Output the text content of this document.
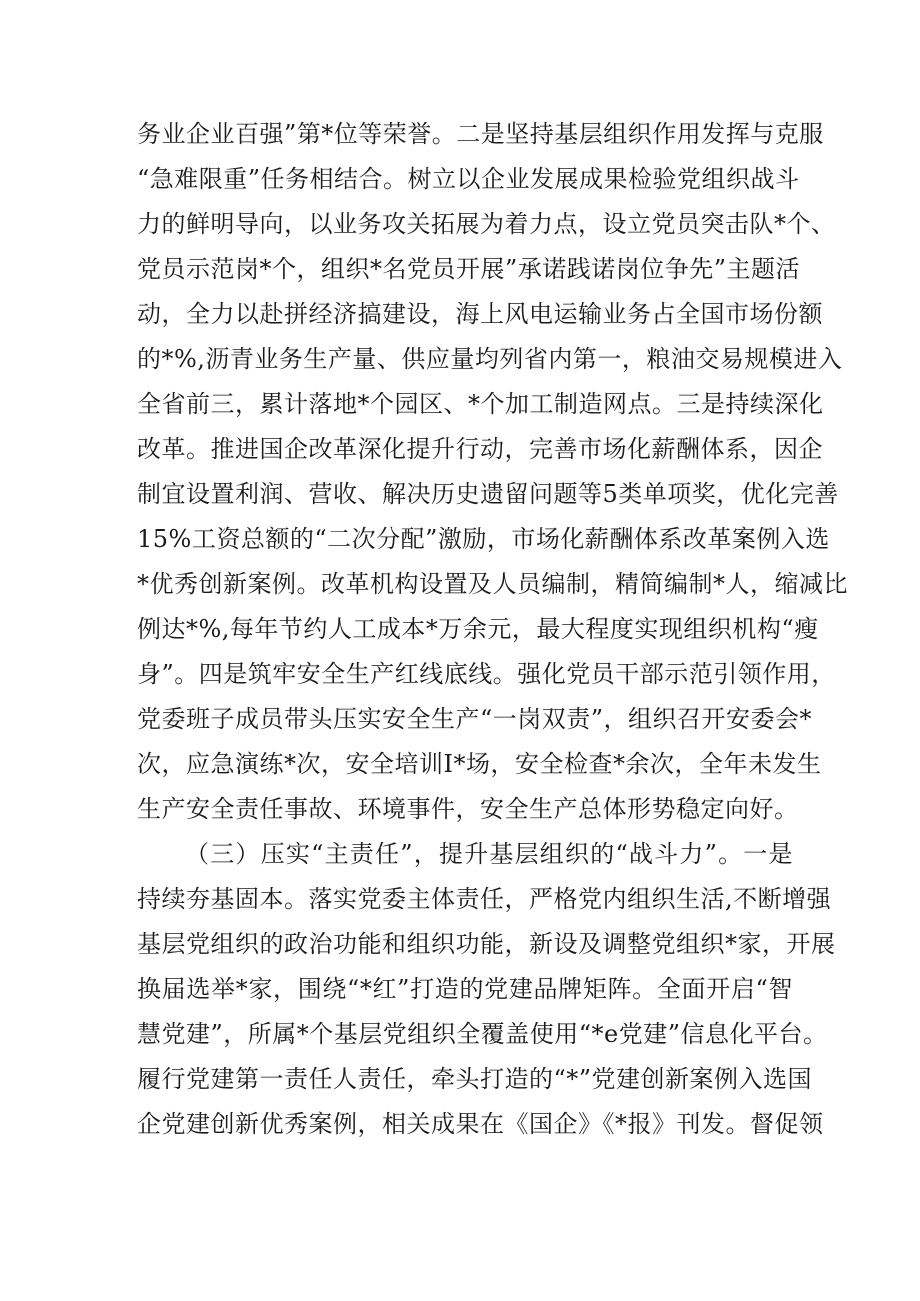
务业企业百强”第*位等荣誉。二是坚持基层组织作用发挥与克服
“急难限重”任务相结合。树立以企业发展成果检验党组织战斗
力的鲜明导向，以业务攻关拓展为着力点，设立党员突击队*个、
党员示范岗*个，组织*名党员开展”承诺践诺岗位争先”主题活
动，全力以赴拼经济搞建设，海上风电运输业务占全国市场份额
的*%,沥青业务生产量、供应量均列省内第一，粮油交易规模进入
全省前三，累计落地*个园区、*个加工制造网点。三是持续深化
改革。推进国企改革深化提升行动，完善市场化薪酬体系，因企
制宜设置利润、营收、解决历史遗留问题等5类单项奖，优化完善
15%工资总额的“二次分配”激励，市场化薪酬体系改革案例入选
*优秀创新案例。改革机构设置及人员编制，精简编制*人，缩减比
例达*%,每年节约人工成本*万余元，最大程度实现组织机构“瘦
身”。四是筑牢安全生产红线底线。强化党员干部示范引领作用，
党委班子成员带头压实安全生产“一岗双责”，组织召开安委会*
次，应急演练*次，安全培训I*场，安全检查*余次，全年未发生
生产安全责任事故、环境事件，安全生产总体形势稳定向好。
（三）压实“主责任”，提升基层组织的“战斗力”。一是
持续夯基固本。落实党委主体责任，严格党内组织生活,不断增强
基层党组织的政治功能和组织功能，新设及调整党组织*家，开展
换届选举*家，围绕“*红”打造的党建品牌矩阵。全面开启“智
慧党建”，所属*个基层党组织全覆盖使用“*e党建”信息化平台。
履行党建第一责任人责任，牵头打造的“*”党建创新案例入选国
企党建创新优秀案例，相关成果在《国企》《*报》刊发。督促领
